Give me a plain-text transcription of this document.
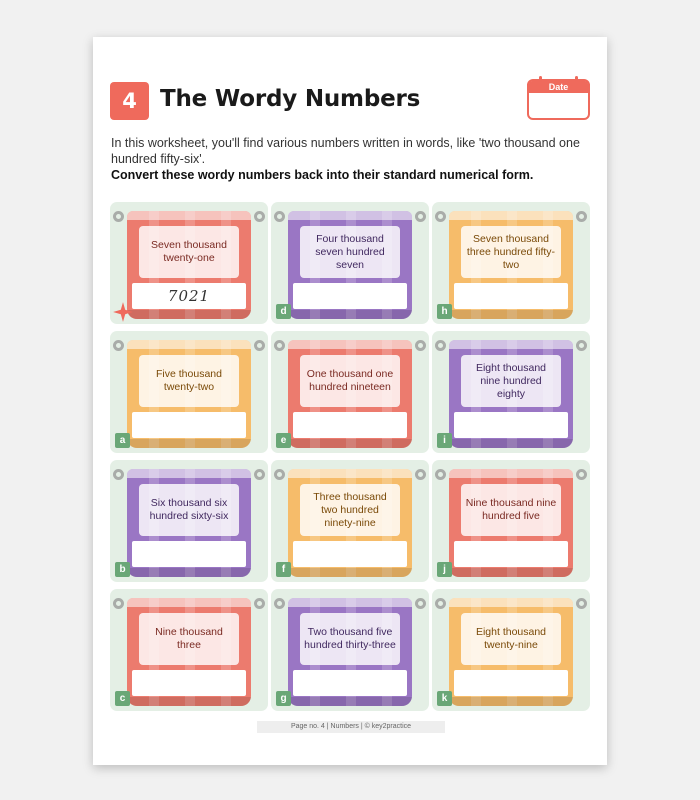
4	The Wordy Numbers	Date

In this worksheet, you'll find various numbers written in words, like 'two thousand one hundred fifty-six'.

Convert these wordy numbers back into their standard numerical form.

Seven thousand twenty-one
7021
Four thousand seven hundred seven
d
Seven thousand three hundred fifty-two
h
Five thousand twenty-two
a
One thousand one hundred nineteen
e
Eight thousand nine hundred eighty
i
Six thousand six hundred sixty-six
b
Three thousand two hundred ninety-nine
f
Nine thousand nine hundred five
j
Nine thousand three
c
Two thousand five hundred thirty-three
g
Eight thousand twenty-nine
k
Page no. 4 | Numbers | © key2practice
